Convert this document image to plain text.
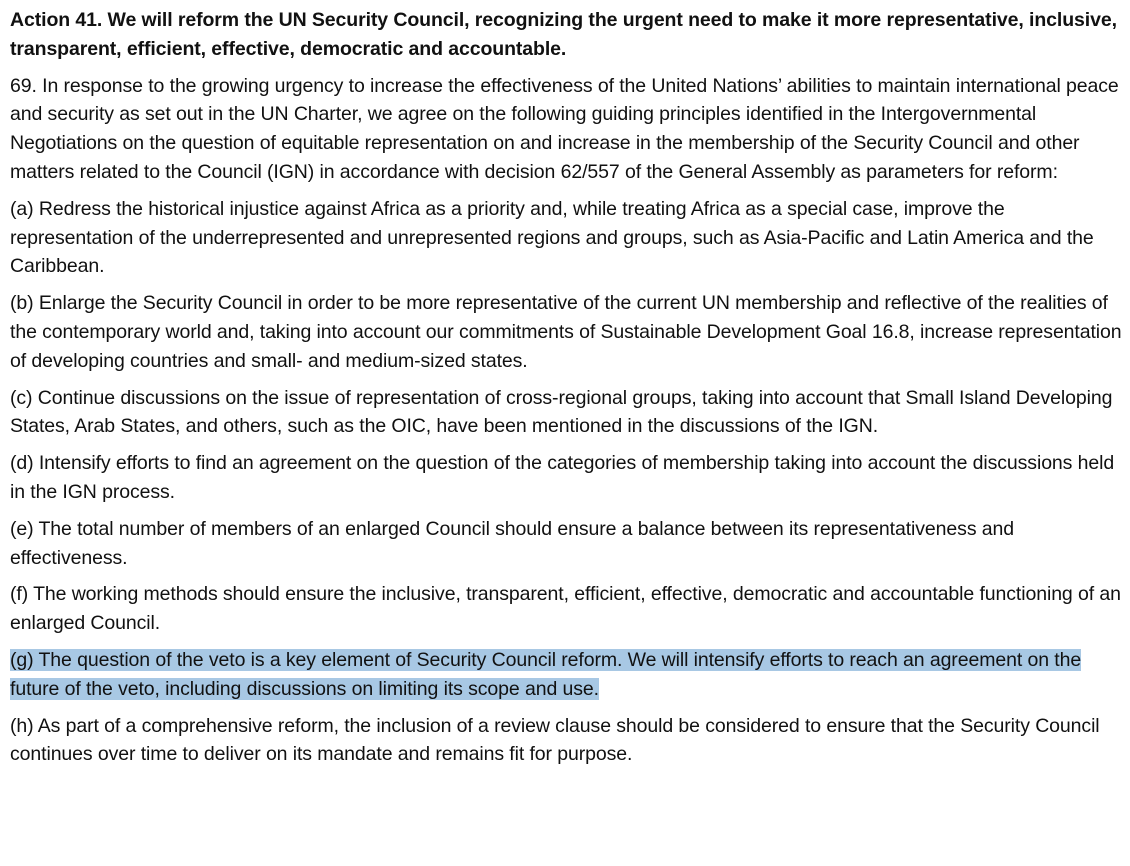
Action 41. We will reform the UN Security Council, recognizing the urgent need to make it more representative, inclusive, transparent, efficient, effective, democratic and accountable.

69. In response to the growing urgency to increase the effectiveness of the United Nations’ abilities to maintain international peace and security as set out in the UN Charter, we agree on the following guiding principles identified in the Intergovernmental Negotiations on the question of equitable representation on and increase in the membership of the Security Council and other matters related to the Council (IGN) in accordance with decision 62/557 of the General Assembly as parameters for reform:

(a) Redress the historical injustice against Africa as a priority and, while treating Africa as a special case, improve the representation of the underrepresented and unrepresented regions and groups, such as Asia-Pacific and Latin America and the Caribbean.

(b) Enlarge the Security Council in order to be more representative of the current UN membership and reflective of the realities of the contemporary world and, taking into account our commitments of Sustainable Development Goal 16.8, increase representation of developing countries and small- and medium-sized states.

(c) Continue discussions on the issue of representation of cross-regional groups, taking into account that Small Island Developing States, Arab States, and others, such as the OIC, have been mentioned in the discussions of the IGN.

(d) Intensify efforts to find an agreement on the question of the categories of membership taking into account the discussions held in the IGN process.

(e) The total number of members of an enlarged Council should ensure a balance between its representativeness and effectiveness.

(f) The working methods should ensure the inclusive, transparent, efficient, effective, democratic and accountable functioning of an enlarged Council.

(g) The question of the veto is a key element of Security Council reform. We will intensify efforts to reach an agreement on the future of the veto, including discussions on limiting its scope and use.

(h) As part of a comprehensive reform, the inclusion of a review clause should be considered to ensure that the Security Council continues over time to deliver on its mandate and remains fit for purpose.
